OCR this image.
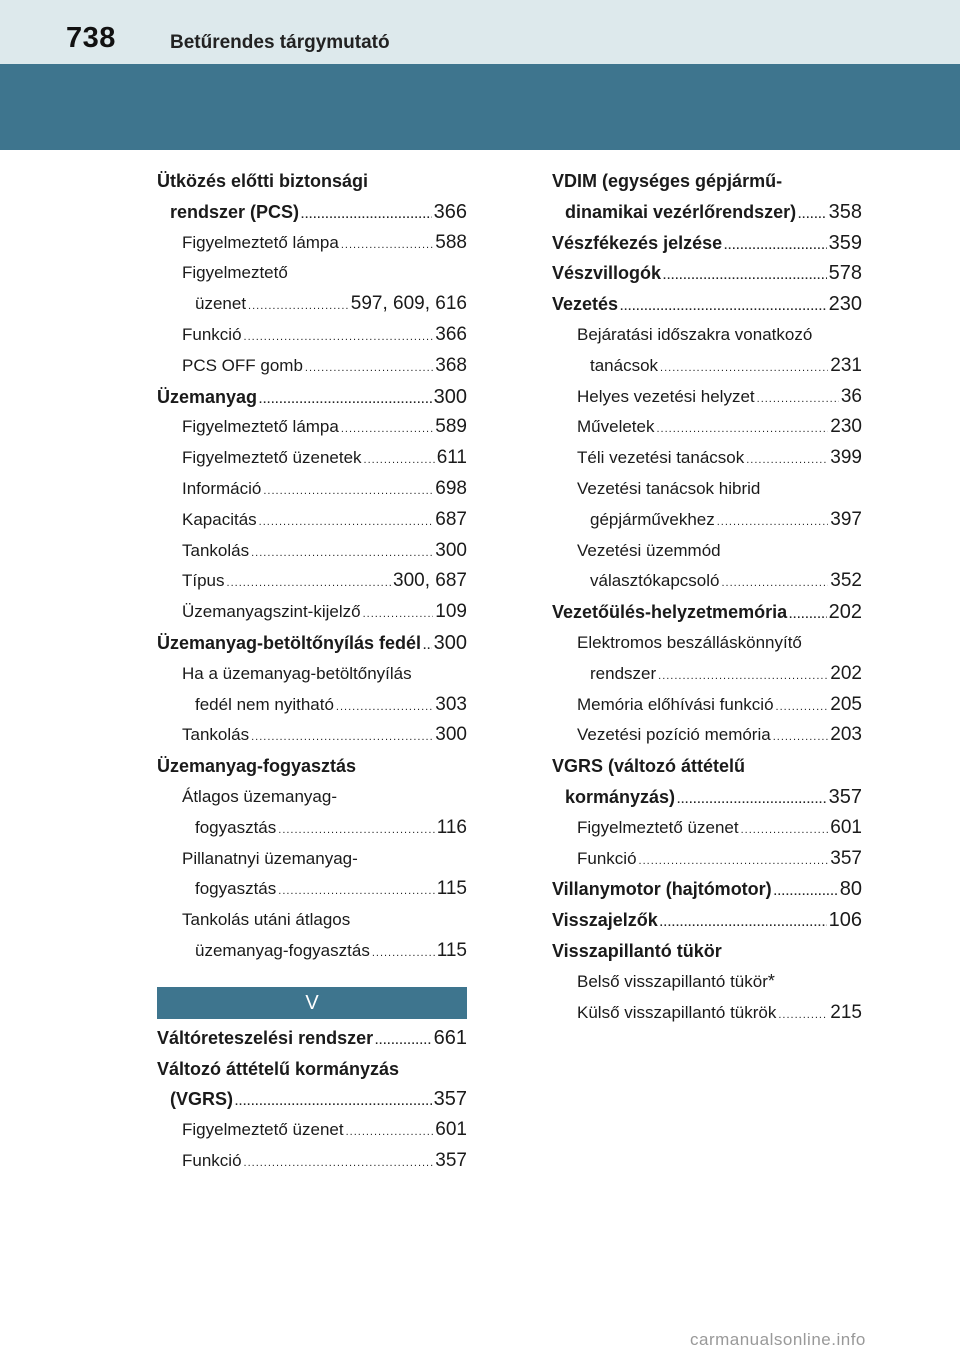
738	Betűrendes tárgymutató
Ütközés előtti biztonsági
rendszer (PCS) .....	366
Figyelmeztető lámpa .....	588
Figyelmeztető
üzenet .....	597, 609, 616
Funkció .....	366
PCS OFF gomb .....	368
Üzemanyag .....	300
Figyelmeztető lámpa .....	589
Figyelmeztető üzenetek .....	611
Információ .....	698
Kapacitás .....	687
Tankolás .....	300
Típus .....	300, 687
Üzemanyagszint-kijelző .....	109
Üzemanyag-betöltőnyílás fedél ..... 300
Ha a üzemanyag-betöltőnyílás
fedél nem nyitható .....	303
Tankolás .....	300
Üzemanyag-fogyasztás
Átlagos üzemanyag-
fogyasztás .....	116
Pillanatnyi üzemanyag-
fogyasztás .....	115
Tankolás utáni átlagos
üzemanyag-fogyasztás .....	115
V
Váltóreteszelési rendszer .....	661
Változó áttételű kormányzás
(VGRS) .....	357
Figyelmeztető üzenet .....	601
Funkció .....	357
VDIM (egységes gépjármű-
dinamikai vezérlőrendszer) ..... 358
Vészfékezés jelzése .....	359
Vészvillogók .....	578
Vezetés .....	230
Bejáratási időszakra vonatkozó
tanácsok .....	231
Helyes vezetési helyzet .....	36
Műveletek .....	230
Téli vezetési tanácsok .....	399
Vezetési tanácsok hibrid
gépjárművekhez .....	397
Vezetési üzemmód
választókapcsoló .....	352
Vezetőülés-helyzetmemória ..... 202
Elektromos beszálláskönnyítő
rendszer .....	202
Memória előhívási funkció .....	205
Vezetési pozíció memória .....	203
VGRS (változó áttételű
kormányzás) .....	357
Figyelmeztető üzenet .....	601
Funkció .....	357
Villanymotor (hajtómotor) .....	80
Visszajelzők .....	106
Visszapillantó tükör
Belső visszapillantó tükör *
Külső visszapillantó tükrök .....	215
carmanualsonline.info
